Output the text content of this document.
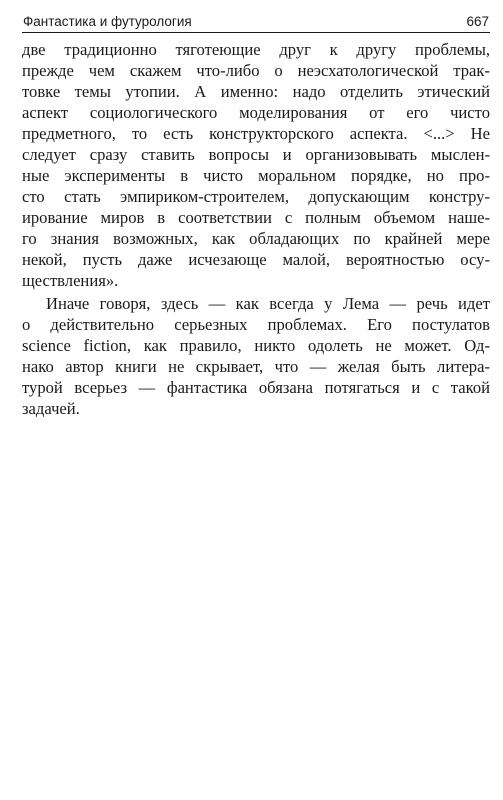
Фантастика и футурология	667
две традиционно тяготеющие друг к другу проблемы,
прежде чем скажем что-либо о неэсхатологической трак-
товке темы утопии. А именно: надо отделить этический
аспект социологического моделирования от его чисто
предметного, то есть конструкторского аспекта. <...> Не
следует сразу ставить вопросы и организовывать мыслен-
ные эксперименты в чисто моральном порядке, но про-
сто стать эмпириком-строителем, допускающим констру-
ирование миров в соответствии с полным объемом наше-
го знания возможных, как обладающих по крайней мере
некой, пусть даже исчезающе малой, вероятностью осу-
ществления».
Иначе говоря, здесь — как всегда у Лема — речь идет
о действительно серьезных проблемах. Его постулатов
science fiction, как правило, никто одолеть не может. Од-
нако автор книги не скрывает, что — желая быть литера-
турой всерьез — фантастика обязана потягаться и с такой
задачей.
